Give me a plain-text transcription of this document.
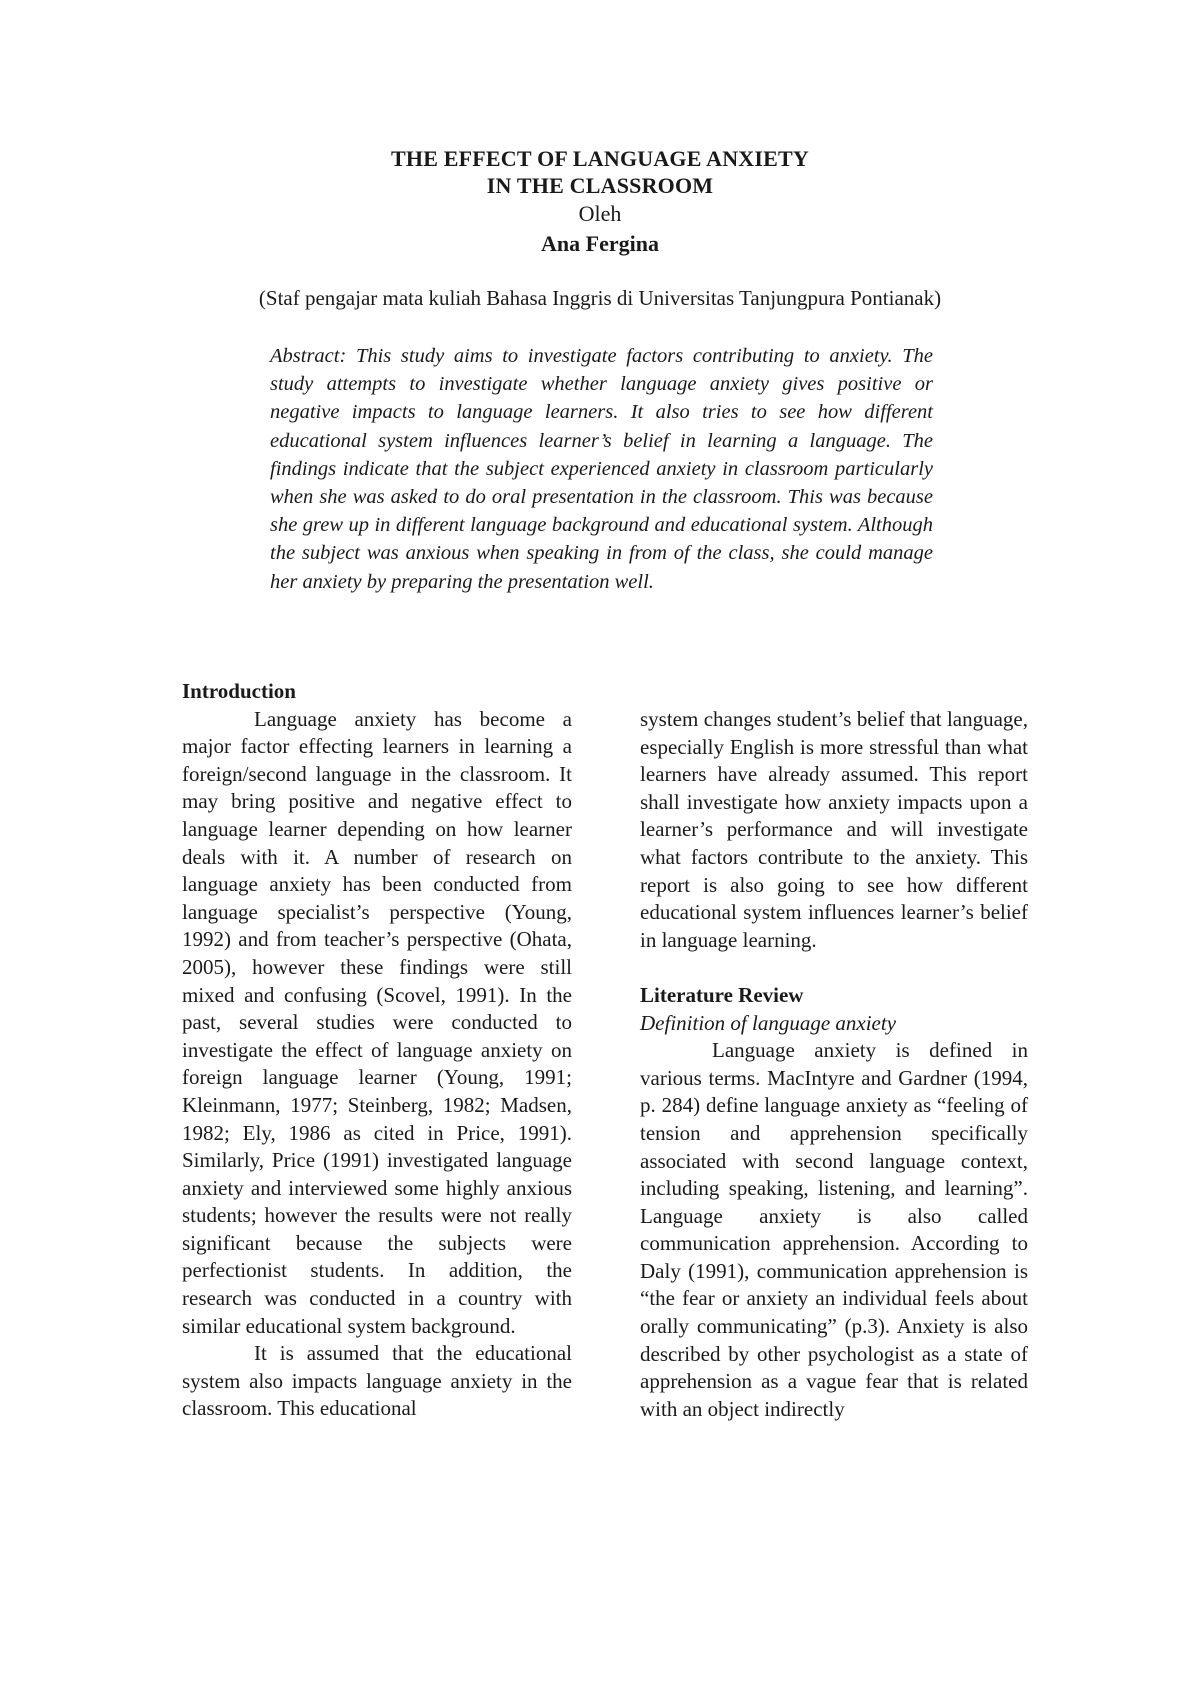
THE EFFECT OF LANGUAGE ANXIETY
IN THE CLASSROOM
Oleh
Ana Fergina
(Staf pengajar mata kuliah Bahasa Inggris di Universitas Tanjungpura Pontianak)
Abstract: This study aims to investigate factors contributing to anxiety. The study attempts to investigate whether language anxiety gives positive or negative impacts to language learners. It also tries to see how different educational system influences learner’s belief in learning a language. The findings indicate that the subject experienced anxiety in classroom particularly when she was asked to do oral presentation in the classroom. This was because she grew up in different language background and educational system. Although the subject was anxious when speaking in from of the class, she could manage her anxiety by preparing the presentation well.
Introduction

Language anxiety has become a major factor effecting learners in learning a foreign/second language in the classroom. It may bring positive and negative effect to language learner depending on how learner deals with it. A number of research on language anxiety has been conducted from language specialist’s perspective (Young, 1992) and from teacher’s perspective (Ohata, 2005), however these findings were still mixed and confusing (Scovel, 1991). In the past, several studies were conducted to investigate the effect of language anxiety on foreign language learner (Young, 1991; Kleinmann, 1977; Steinberg, 1982; Madsen, 1982; Ely, 1986 as cited in Price, 1991). Similarly, Price (1991) investigated language anxiety and interviewed some highly anxious students; however the results were not really significant because the subjects were perfectionist students. In addition, the research was conducted in a country with similar educational system background.

It is assumed that the educational system also impacts language anxiety in the classroom. This educational

system changes student’s belief that language, especially English is more stressful than what learners have already assumed. This report shall investigate how anxiety impacts upon a learner’s performance and will investigate what factors contribute to the anxiety. This report is also going to see how different educational system influences learner’s belief in language learning.

Literature Review
Definition of language anxiety

Language anxiety is defined in various terms. MacIntyre and Gardner (1994, p. 284) define language anxiety as “feeling of tension and apprehension specifically associated with second language context, including speaking, listening, and learning”. Language anxiety is also called communication apprehension. According to Daly (1991), communication apprehension is “the fear or anxiety an individual feels about orally communicating” (p.3). Anxiety is also described by other psychologist as a state of apprehension as a vague fear that is related with an object indirectly
